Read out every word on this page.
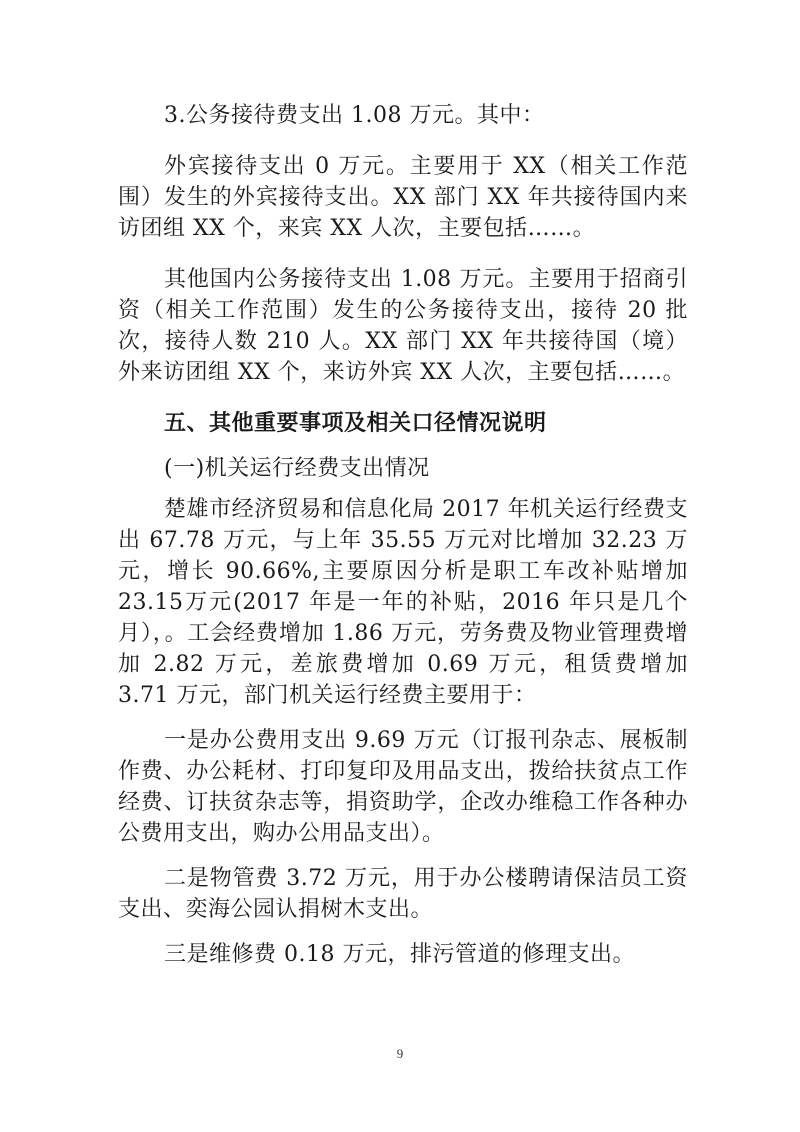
3.公务接待费支出 1.08 万元。其中：

外宾接待支出 0 万元。主要用于 XX（相关工作范围）发生的外宾接待支出。XX 部门 XX 年共接待国内来访团组 XX 个，来宾 XX 人次，主要包括……。

其他国内公务接待支出 1.08 万元。主要用于招商引资（相关工作范围）发生的公务接待支出，接待 20 批次，接待人数 210 人。XX 部门 XX 年共接待国（境）外来访团组 XX 个，来访外宾 XX 人次，主要包括……。

五、其他重要事项及相关口径情况说明

(一)机关运行经费支出情况

楚雄市经济贸易和信息化局 2017 年机关运行经费支出 67.78 万元，与上年 35.55 万元对比增加 32.23 万元，增长 90.66%,主要原因分析是职工车改补贴增加23.15万元(2017 年是一年的补贴，2016 年只是几个月），。工会经费增加 1.86 万元，劳务费及物业管理费增加 2.82 万元，差旅费增加 0.69 万元，租赁费增加 3.71 万元，部门机关运行经费主要用于：

一是办公费用支出 9.69 万元（订报刊杂志、展板制作费、办公耗材、打印复印及用品支出，拨给扶贫点工作经费、订扶贫杂志等，捐资助学，企改办维稳工作各种办公费用支出，购办公用品支出）。

二是物管费 3.72 万元，用于办公楼聘请保洁员工资支出、奕海公园认捐树木支出。

三是维修费 0.18 万元，排污管道的修理支出。

9
